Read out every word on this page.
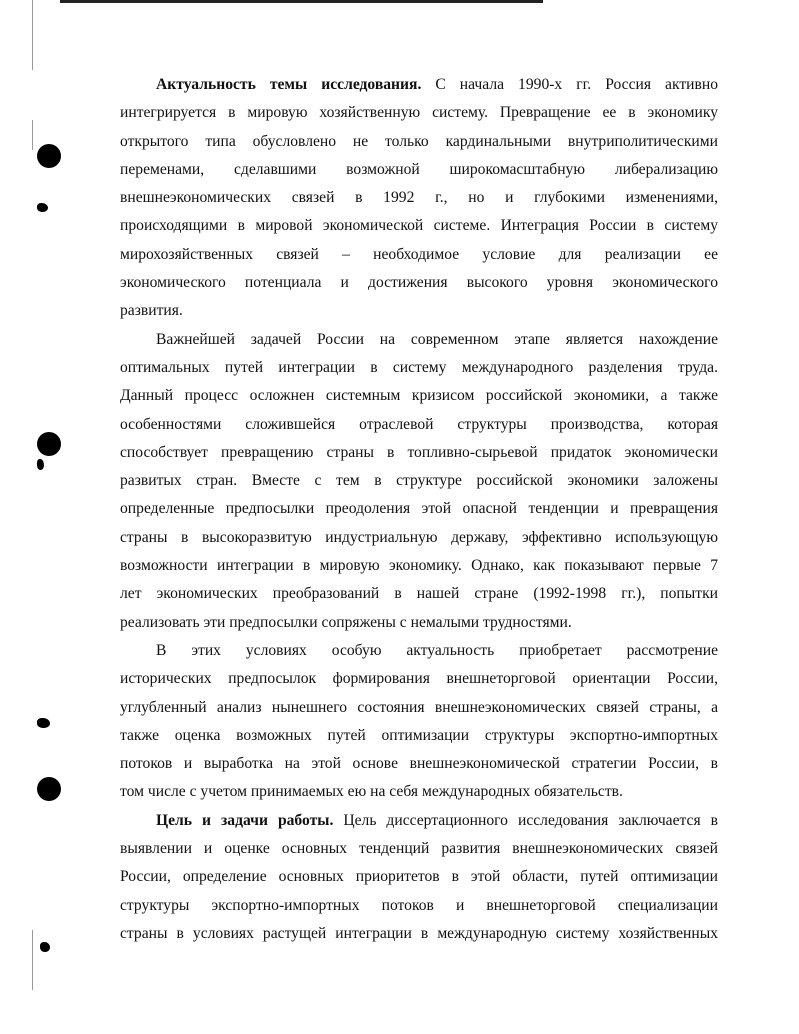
Актуальность темы исследования. С начала 1990-х гг. Россия активно
интегрируется в мировую хозяйственную систему. Превращение ее в экономику
открытого типа обусловлено не только кардинальными внутриполитическими
переменами, сделавшими возможной широкомасштабную либерализацию
внешнеэкономических связей в 1992 г., но и глубокими изменениями,
происходящими в мировой экономической системе. Интеграция России в систему
мирохозяйственных связей – необходимое условие для реализации ее
экономического потенциала и достижения высокого уровня экономического
развития.
Важнейшей задачей России на современном этапе является нахождение
оптимальных путей интеграции в систему международного разделения труда.
Данный процесс осложнен системным кризисом российской экономики, а также
особенностями сложившейся отраслевой структуры производства, которая
способствует превращению страны в топливно-сырьевой придаток экономически
развитых стран. Вместе с тем в структуре российской экономики заложены
определенные предпосылки преодоления этой опасной тенденции и превращения
страны в высокоразвитую индустриальную державу, эффективно использующую
возможности интеграции в мировую экономику. Однако, как показывают первые 7
лет экономических преобразований в нашей стране (1992-1998 гг.), попытки
реализовать эти предпосылки сопряжены с немалыми трудностями.
В этих условиях особую актуальность приобретает рассмотрение
исторических предпосылок формирования внешнеторговой ориентации России,
углубленный анализ нынешнего состояния внешнеэкономических связей страны, а
также оценка возможных путей оптимизации структуры экспортно-импортных
потоков и выработка на этой основе внешнеэкономической стратегии России, в
том числе с учетом принимаемых ею на себя международных обязательств.
Цель и задачи работы. Цель диссертационного исследования заключается в
выявлении и оценке основных тенденций развития внешнеэкономических связей
России, определение основных приоритетов в этой области, путей оптимизации
структуры экспортно-импортных потоков и внешнеторговой специализации
страны в условиях растущей интеграции в международную систему хозяйственных
